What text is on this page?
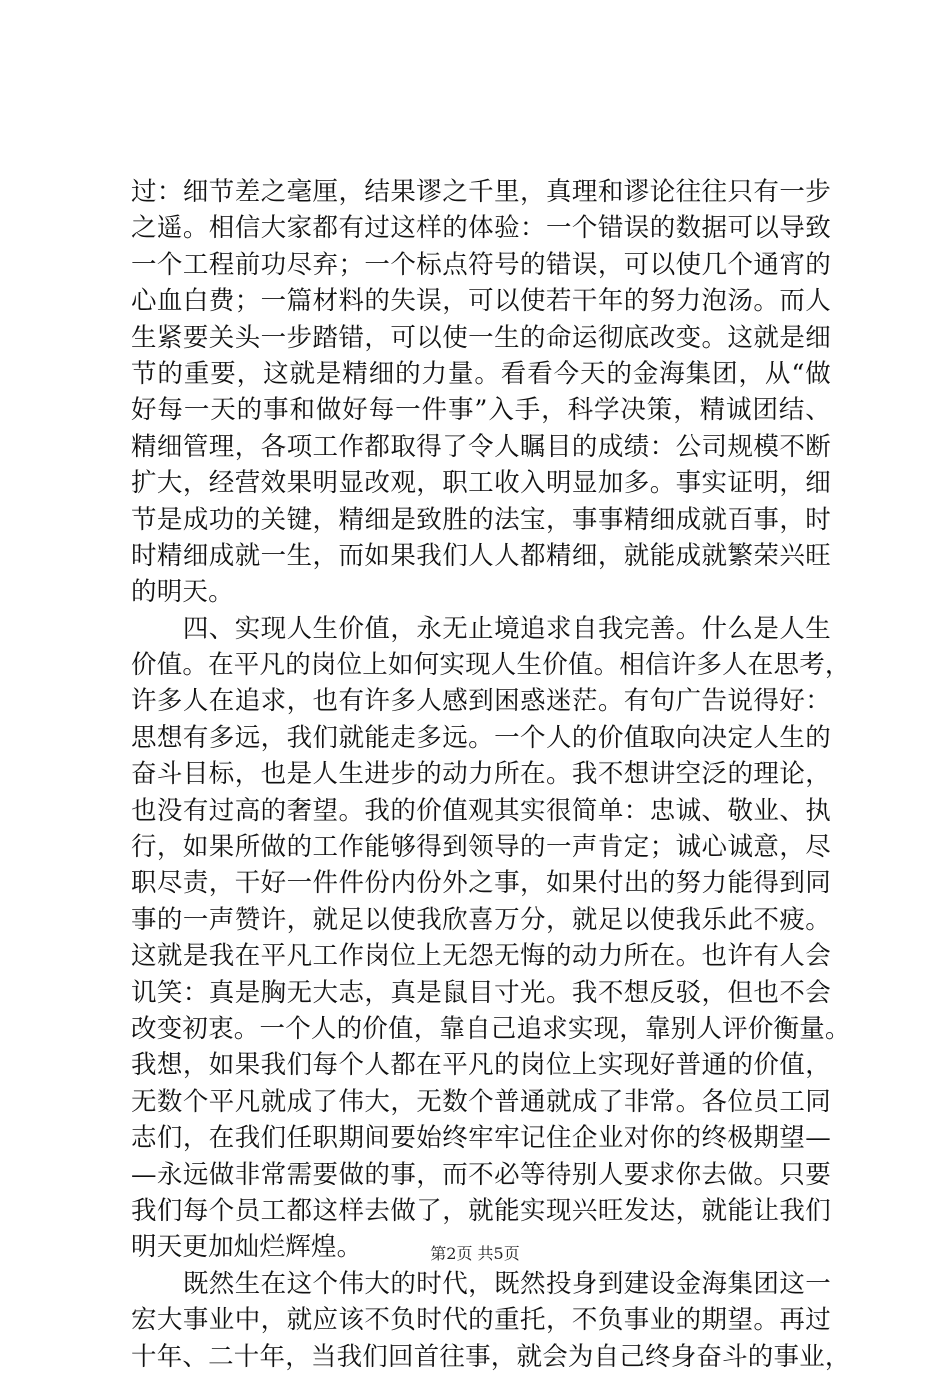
过：细节差之毫厘，结果谬之千里，真理和谬论往往只有一步
之遥。相信大家都有过这样的体验：一个错误的数据可以导致
一个工程前功尽弃；一个标点符号的错误，可以使几个通宵的
心血白费；一篇材料的失误，可以使若干年的努力泡汤。而人
生紧要关头一步踏错，可以使一生的命运彻底改变。这就是细
节的重要，这就是精细的力量。看看今天的金海集团，从“做
好每一天的事和做好每一件事”入手，科学决策，精诚团结、
精细管理，各项工作都取得了令人瞩目的成绩：公司规模不断
扩大，经营效果明显改观，职工收入明显加多。事实证明，细
节是成功的关键，精细是致胜的法宝，事事精细成就百事，时
时精细成就一生，而如果我们人人都精细，就能成就繁荣兴旺
的明天。
　　四、实现人生价值，永无止境追求自我完善。什么是人生
价值。在平凡的岗位上如何实现人生价值。相信许多人在思考，
许多人在追求，也有许多人感到困惑迷茫。有句广告说得好：
思想有多远，我们就能走多远。一个人的价值取向决定人生的
奋斗目标，也是人生进步的动力所在。我不想讲空泛的理论，
也没有过高的奢望。我的价值观其实很简单：忠诚、敬业、执
行，如果所做的工作能够得到领导的一声肯定；诚心诚意，尽
职尽责，干好一件件份内份外之事，如果付出的努力能得到同
事的一声赞许，就足以使我欣喜万分，就足以使我乐此不疲。
这就是我在平凡工作岗位上无怨无悔的动力所在。也许有人会
讥笑：真是胸无大志，真是鼠目寸光。我不想反驳，但也不会
改变初衷。一个人的价值，靠自己追求实现，靠别人评价衡量。
我想，如果我们每个人都在平凡的岗位上实现好普通的价值，
无数个平凡就成了伟大，无数个普通就成了非常。各位员工同
志们，在我们任职期间要始终牢牢记住企业对你的终极期望—
—永远做非常需要做的事，而不必等待别人要求你去做。只要
我们每个员工都这样去做了，就能实现兴旺发达，就能让我们
明天更加灿烂辉煌。
　　既然生在这个伟大的时代，既然投身到建设金海集团这一
宏大事业中，就应该不负时代的重托，不负事业的期望。再过
十年、二十年，当我们回首往事，就会为自己终身奋斗的事业，
第2页 共5页
